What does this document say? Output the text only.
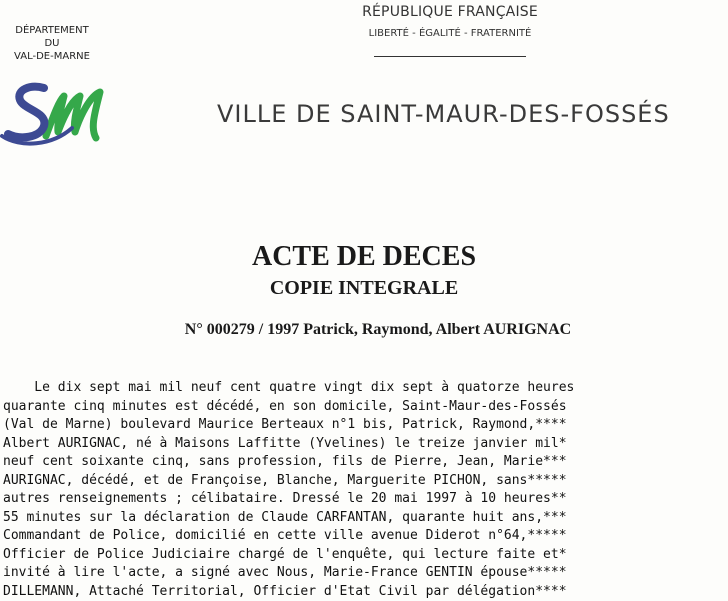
DÉPARTEMENT
DU
VAL-DE-MARNE
RÉPUBLIQUE FRANÇAISE
LIBERTÉ - ÉGALITÉ - FRATERNITÉ
VILLE DE SAINT-MAUR-DES-FOSSÉS
ACTE DE DECES
COPIE INTEGRALE
N° 000279 / 1997 Patrick, Raymond, Albert AURIGNAC
Le dix sept mai mil neuf cent quatre vingt dix sept à quatorze heures
quarante cinq minutes est décédé, en son domicile, Saint-Maur-des-Fossés
(Val de Marne) boulevard Maurice Berteaux n°1 bis, Patrick, Raymond,****
Albert AURIGNAC, né à Maisons Laffitte (Yvelines) le treize janvier mil*
neuf cent soixante cinq, sans profession, fils de Pierre, Jean, Marie***
AURIGNAC, décédé, et de Françoise, Blanche, Marguerite PICHON, sans*****
autres renseignements ; célibataire. Dressé le 20 mai 1997 à 10 heures**
55 minutes sur la déclaration de Claude CARFANTAN, quarante huit ans,***
Commandant de Police, domicilié en cette ville avenue Diderot n°64,*****
Officier de Police Judiciaire chargé de l'enquête, qui lecture faite et*
invité à lire l'acte, a signé avec Nous, Marie-France GENTIN épouse*****
DILLEMANN, Attaché Territorial, Officier d'Etat Civil par délégation****
